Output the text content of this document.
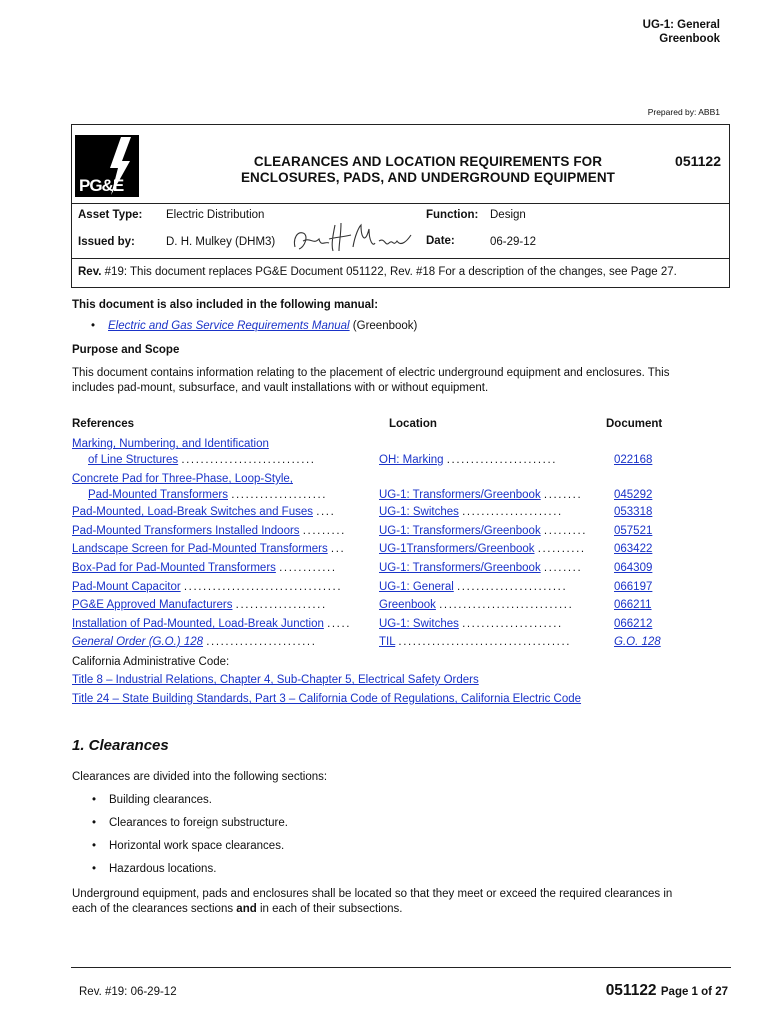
UG-1: General
Greenbook
Prepared by: ABB1
PG&E
CLEARANCES AND LOCATION REQUIREMENTS FOR
ENCLOSURES, PADS, AND UNDERGROUND EQUIPMENT
051122
Asset Type: Electric Distribution	Function: Design
Issued by:	D. H. Mulkey (DHM3)	Date:	06-29-12
Rev. #19: This document replaces PG&E Document 051122, Rev. #18 For a description of the changes, see Page 27.
This document is also included in the following manual:
• Electric and Gas Service Requirements Manual (Greenbook)
Purpose and Scope
This document contains information relating to the placement of electric underground equipment and enclosures. This
includes pad-mount, subsurface, and vault installations with or without equipment.
References	Location	Document
Marking, Numbering, and Identification
of Line Structures ............................	OH: Marking .......................	022168
Concrete Pad for Three-Phase, Loop-Style,
Pad-Mounted Transformers ....................	UG-1: Transformers/Greenbook ........	045292
Pad-Mounted, Load-Break Switches and Fuses ....	UG-1: Switches .....................	053318
Pad-Mounted Transformers Installed Indoors .........	UG-1: Transformers/Greenbook ......... 057521
Landscape Screen for Pad-Mounted Transformers ...	UG-1Transformers/Greenbook .......... 063422
Box-Pad for Pad-Mounted Transformers ............	UG-1: Transformers/Greenbook ........	064309
Pad-Mount Capacitor .................................	UG-1: General .......................	066197
PG&E Approved Manufacturers ...................	Greenbook ............................	066211
Installation of Pad-Mounted, Load-Break Junction ..... UG-1: Switches .....................	066212
General Order (G.O.) 128 .......................	TIL ....................................	G.O. 128
California Administrative Code:
Title 8 – Industrial Relations, Chapter 4, Sub-Chapter 5, Electrical Safety Orders
Title 24 – State Building Standards, Part 3 – California Code of Regulations, California Electric Code
1. Clearances
Clearances are divided into the following sections:
• Building clearances.
• Clearances to foreign substructure.
• Horizontal work space clearances.
• Hazardous locations.
Underground equipment, pads and enclosures shall be located so that they meet or exceed the required clearances in
each of the clearances sections and in each of their subsections.
Rev. #19: 06-29-12	051122 Page 1 of 27
